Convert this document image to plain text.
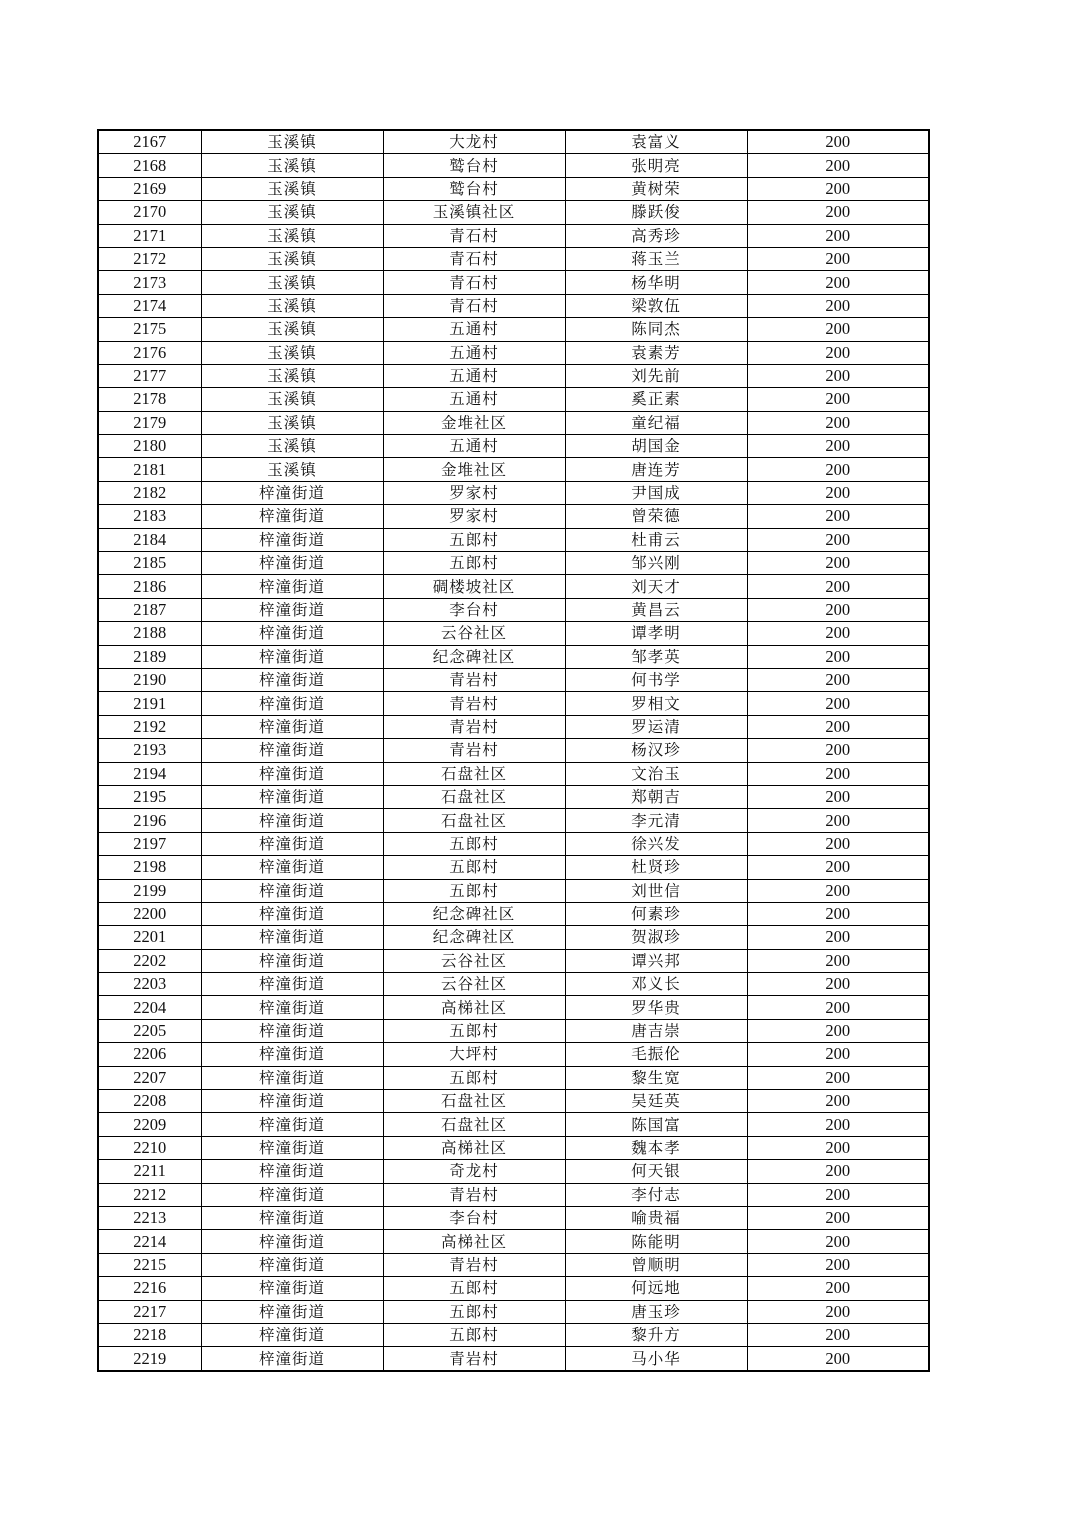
2167	玉溪镇	大龙村	袁富义	200
2168	玉溪镇	鹫台村	张明亮	200
2169	玉溪镇	鹫台村	黄树荣	200
2170	玉溪镇	玉溪镇社区	滕跃俊	200
2171	玉溪镇	青石村	高秀珍	200
2172	玉溪镇	青石村	蒋玉兰	200
2173	玉溪镇	青石村	杨华明	200
2174	玉溪镇	青石村	梁敦伍	200
2175	玉溪镇	五通村	陈同杰	200
2176	玉溪镇	五通村	袁素芳	200
2177	玉溪镇	五通村	刘先前	200
2178	玉溪镇	五通村	奚正素	200
2179	玉溪镇	金堆社区	童纪福	200
2180	玉溪镇	五通村	胡国金	200
2181	玉溪镇	金堆社区	唐连芳	200
2182	梓潼街道	罗家村	尹国成	200
2183	梓潼街道	罗家村	曾荣德	200
2184	梓潼街道	五郎村	杜甫云	200
2185	梓潼街道	五郎村	邹兴刚	200
2186	梓潼街道	碉楼坡社区	刘天才	200
2187	梓潼街道	李台村	黄昌云	200
2188	梓潼街道	云谷社区	谭孝明	200
2189	梓潼街道	纪念碑社区	邹孝英	200
2190	梓潼街道	青岩村	何书学	200
2191	梓潼街道	青岩村	罗相文	200
2192	梓潼街道	青岩村	罗运清	200
2193	梓潼街道	青岩村	杨汉珍	200
2194	梓潼街道	石盘社区	文治玉	200
2195	梓潼街道	石盘社区	郑朝吉	200
2196	梓潼街道	石盘社区	李元清	200
2197	梓潼街道	五郎村	徐兴发	200
2198	梓潼街道	五郎村	杜贤珍	200
2199	梓潼街道	五郎村	刘世信	200
2200	梓潼街道	纪念碑社区	何素珍	200
2201	梓潼街道	纪念碑社区	贺淑珍	200
2202	梓潼街道	云谷社区	谭兴邦	200
2203	梓潼街道	云谷社区	邓义长	200
2204	梓潼街道	高梯社区	罗华贵	200
2205	梓潼街道	五郎村	唐吉崇	200
2206	梓潼街道	大坪村	毛振伦	200
2207	梓潼街道	五郎村	黎生宽	200
2208	梓潼街道	石盘社区	吴廷英	200
2209	梓潼街道	石盘社区	陈国富	200
2210	梓潼街道	高梯社区	魏本孝	200
2211	梓潼街道	奇龙村	何天银	200
2212	梓潼街道	青岩村	李付志	200
2213	梓潼街道	李台村	喻贵福	200
2214	梓潼街道	高梯社区	陈能明	200
2215	梓潼街道	青岩村	曾顺明	200
2216	梓潼街道	五郎村	何远地	200
2217	梓潼街道	五郎村	唐玉珍	200
2218	梓潼街道	五郎村	黎升方	200
2219	梓潼街道	青岩村	马小华	200
